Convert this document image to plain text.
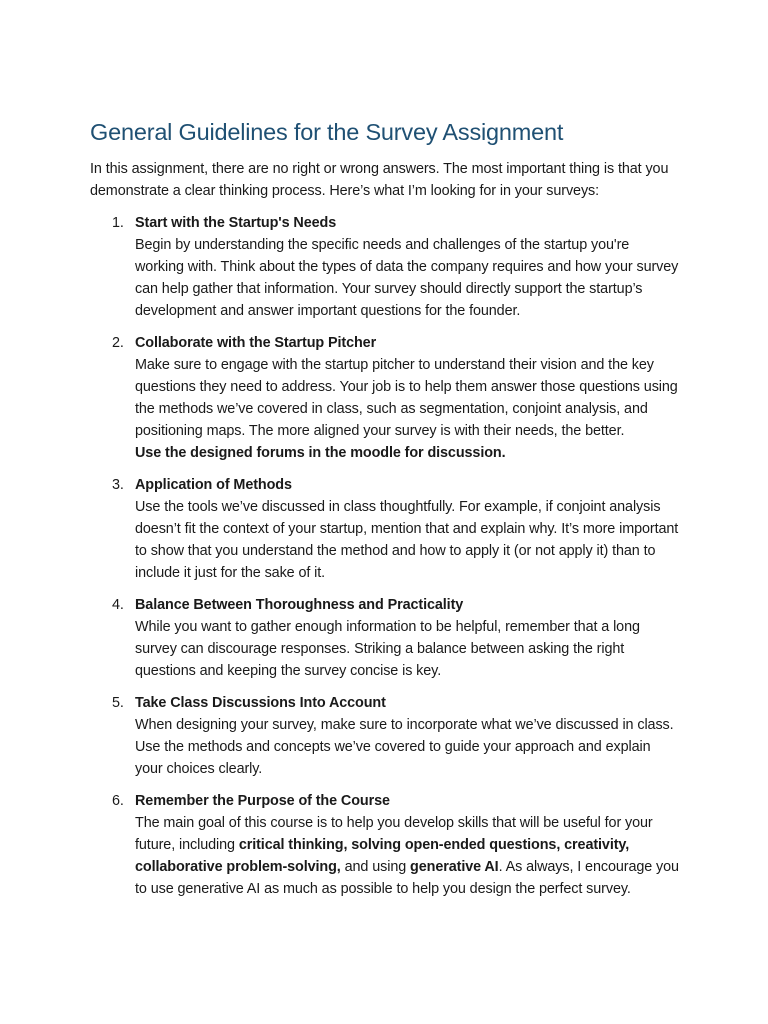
General Guidelines for the Survey Assignment

In this assignment, there are no right or wrong answers. The most important thing is that you demonstrate a clear thinking process. Here’s what I’m looking for in your surveys:

1. Start with the Startup's Needs
Begin by understanding the specific needs and challenges of the startup you're working with. Think about the types of data the company requires and how your survey can help gather that information. Your survey should directly support the startup’s development and answer important questions for the founder.
2. Collaborate with the Startup Pitcher
Make sure to engage with the startup pitcher to understand their vision and the key questions they need to address. Your job is to help them answer those questions using the methods we’ve covered in class, such as segmentation, conjoint analysis, and positioning maps. The more aligned your survey is with their needs, the better.
Use the designed forums in the moodle for discussion.
3. Application of Methods
Use the tools we’ve discussed in class thoughtfully. For example, if conjoint analysis doesn’t fit the context of your startup, mention that and explain why. It’s more important to show that you understand the method and how to apply it (or not apply it) than to include it just for the sake of it.
4. Balance Between Thoroughness and Practicality
While you want to gather enough information to be helpful, remember that a long survey can discourage responses. Striking a balance between asking the right questions and keeping the survey concise is key.
5. Take Class Discussions Into Account
When designing your survey, make sure to incorporate what we’ve discussed in class. Use the methods and concepts we’ve covered to guide your approach and explain your choices clearly.
6. Remember the Purpose of the Course
The main goal of this course is to help you develop skills that will be useful for your future, including critical thinking, solving open-ended questions, creativity, collaborative problem-solving, and using generative AI. As always, I encourage you to use generative AI as much as possible to help you design the perfect survey.
